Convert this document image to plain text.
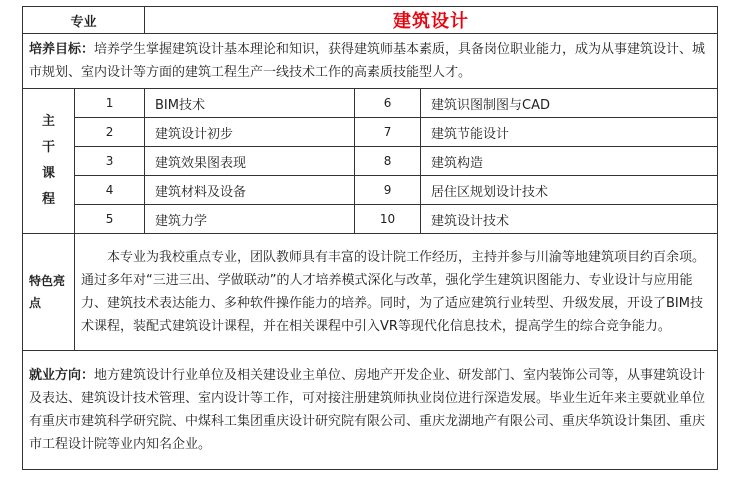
专业		建筑设计		
培养目标：培养学生掌握建筑设计基本理论和知识，获得建筑师基本素质，具备岗位职业能力，成为从事建筑设计、城市规划、室内设计等方面的建筑工程生产一线技术工作的高素质技能型人才。				

主
干
课
程	1	BIM技术	6	建筑识图制图与CAD
	2	建筑设计初步	7	建筑节能设计
	3	建筑效果图表现	8	建筑构造
	4	建筑材料及设备	9	居住区规划设计技术
	5	建筑力学	10	建筑设计技术
特色亮点	本专业为我校重点专业，团队教师具有丰富的设计院工作经历，主持并参与川渝等地建筑项目约百余项。通过多年对“三进三出、学做联动”的人才培养模式深化与改革，强化学生建筑识图能力、专业设计与应用能力、建筑技术表达能力、多种软件操作能力的培养。同时，为了适应建筑行业转型、升级发展，开设了BIM技术课程，装配式建筑设计课程，并在相关课程中引入VR等现代化信息技术，提高学生的综合竞争能力。			
就业方向：地方建筑设计行业单位及相关建设业主单位、房地产开发企业、研发部门、室内装饰公司等，从事建筑设计及表达、建筑设计技术管理、室内设计等工作，可对接注册建筑师执业岗位进行深造发展。毕业生近年来主要就业单位有重庆市建筑科学研究院、中煤科工集团重庆设计研究院有限公司、重庆龙湖地产有限公司、重庆华筑设计集团、重庆市工程设计院等业内知名企业。				
